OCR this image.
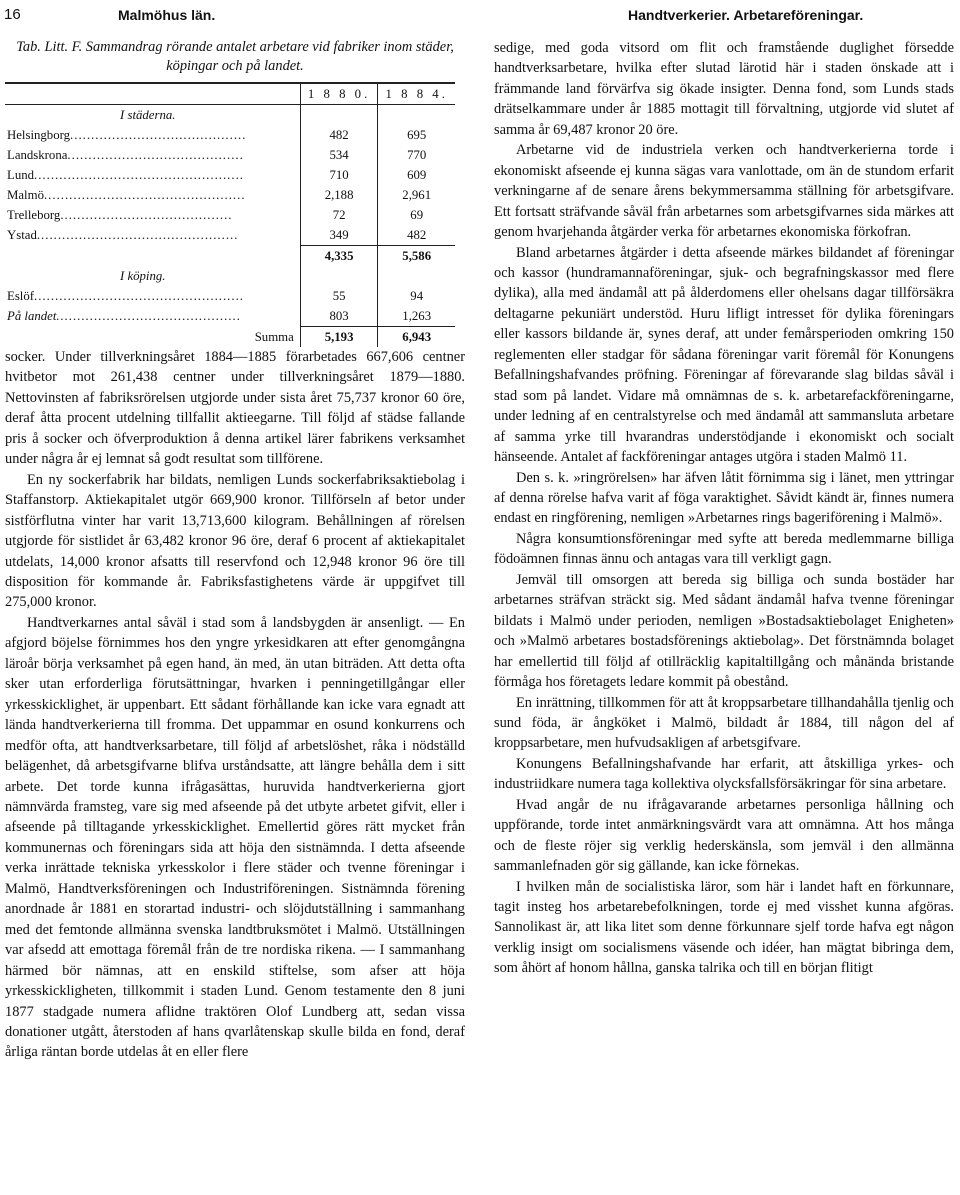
16	Malmöhus län.	Handtverkerier. Arbetareföreningar.
Tab. Litt. F. Sammandrag rörande antalet arbetare vid fabriker inom städer, köpingar och på landet.
	1 8 8 0.	1 8 8 4.
I städerna.		
Helsingborg..........................................	482	695
Landskrona..........................................	534	770
Lund..................................................	710	609
Malmö................................................	2,188	2,961
Trelleborg.........................................	72	69
Ystad................................................	349	482
	4,335	5,586
I köping.		
Eslöf..................................................	55	94
På landet............................................	803	1,263
Summa	5,193	6,943

socker. Under tillverkningsåret 1884—1885 förarbetades 667,606 centner hvitbetor mot 261,438 centner under tillverkningsåret 1879—1880. Nettovinsten af fabriksrörelsen utgjorde under sista året 75,737 kronor 60 öre, deraf åtta procent utdelning tillfallit aktieegarne. Till följd af städse fallande pris å socker och öfverproduktion å denna artikel lärer fabrikens verksamhet under några år ej lemnat så godt resultat som tillförene.

En ny sockerfabrik har bildats, nemligen Lunds sockerfabriksaktiebolag i Staffanstorp. Aktiekapitalet utgör 669,900 kronor. Tillförseln af betor under sistförflutna vinter har varit 13,713,600 kilogram. Behållningen af rörelsen utgjorde för sistlidet år 63,482 kronor 96 öre, deraf 6 procent af aktiekapitalet utdelats, 14,000 kronor afsatts till reservfond och 12,948 kronor 96 öre till disposition för kommande år. Fabriksfastighetens värde är uppgifvet till 275,000 kronor.

Handtverkarnes antal såväl i stad som å landsbygden är ansenligt. — En afgjord böjelse förnimmes hos den yngre yrkesidkaren att efter genomgångna läroår börja verksamhet på egen hand, än med, än utan biträden. Att detta ofta sker utan erforderliga förutsättningar, hvarken i penningetillgångar eller yrkesskicklighet, är uppenbart. Ett sådant förhållande kan icke vara egnadt att lända handtverkerierna till fromma. Det uppammar en osund konkurrens och medför ofta, att handtverksarbetare, till följd af arbetslöshet, råka i nödställd belägenhet, då arbetsgifvarne blifva urståndsatte, att längre behålla dem i sitt arbete. Det torde kunna ifrågasättas, huruvida handtverkerierna gjort nämnvärda framsteg, vare sig med afseende på det utbyte arbetet gifvit, eller i afseende på tilltagande yrkesskicklighet. Emellertid göres rätt mycket från kommunernas och föreningars sida att höja den sistnämnda. I detta afseende verka inrättade tekniska yrkesskolor i flere städer och tvenne föreningar i Malmö, Handtverksföreningen och Industriföreningen. Sistnämnda förening anordnade år 1881 en storartad industri- och slöjdutställning i sammanhang med det femtonde allmänna svenska landtbruksmötet i Malmö. Utställningen var afsedd att emottaga föremål från de tre nordiska rikena. — I sammanhang härmed bör nämnas, att en enskild stiftelse, som afser att höja yrkesskickligheten, tillkommit i staden Lund. Genom testamente den 8 juni 1877 stadgade numera aflidne traktören Olof Lundberg att, sedan vissa donationer utgått, återstoden af hans qvarlåtenskap skulle bilda en fond, deraf årliga räntan borde utdelas åt en eller flere

sedige, med goda vitsord om flit och framstående duglighet försedde handtverksarbetare, hvilka efter slutad lärotid här i staden önskade att i främmande land förvärfva sig ökade insigter. Denna fond, som Lunds stads drätselkammare under år 1885 mottagit till förvaltning, utgjorde vid slutet af samma år 69,487 kronor 20 öre.

Arbetarne vid de industriela verken och handtverkerierna torde i ekonomiskt afseende ej kunna sägas vara vanlottade, om än de stundom erfarit verkningarne af de senare årens bekymmersamma ställning för arbetsgifvare. Ett fortsatt sträfvande såväl från arbetarnes som arbetsgifvarnes sida märkes att genom hvarjehanda åtgärder verka för arbetarnes ekonomiska förkofran.

Bland arbetarnes åtgärder i detta afseende märkes bildandet af föreningar och kassor (hundramannaföreningar, sjuk- och begrafningskassor med flere dylika), alla med ändamål att på ålderdomens eller ohelsans dagar tillförsäkra deltagarne pekuniärt understöd. Huru lifligt intresset för dylika föreningars eller kassors bildande är, synes deraf, att under femårsperioden omkring 150 reglementen eller stadgar för sådana föreningar varit föremål för Konungens Befallningshafvandes pröfning. Föreningar af förevarande slag bildas såväl i stad som på landet. Vidare må omnämnas de s. k. arbetarefackföreningarne, under ledning af en centralstyrelse och med ändamål att sammansluta arbetare af samma yrke till hvarandras understödjande i ekonomiskt och socialt hänseende. Antalet af fackföreningar antages utgöra i staden Malmö 11.

Den s. k. »ringrörelsen» har äfven låtit förnimma sig i länet, men yttringar af denna rörelse hafva varit af föga varaktighet. Såvidt kändt är, finnes numera endast en ringförening, nemligen »Arbetarnes rings bageriförening i Malmö».

Några konsumtionsföreningar med syfte att bereda medlemmarne billiga födoämnen finnas ännu och antagas vara till verkligt gagn.

Jemväl till omsorgen att bereda sig billiga och sunda bostäder har arbetarnes sträfvan sträckt sig. Med sådant ändamål hafva tvenne föreningar bildats i Malmö under perioden, nemligen »Bostadsaktiebolaget Enigheten» och »Malmö arbetares bostadsförenings aktiebolag». Det förstnämnda bolaget har emellertid till följd af otillräcklig kapitaltillgång och månända bristande förmåga hos företagets ledare kommit på obestånd.

En inrättning, tillkommen för att åt kroppsarbetare tillhandahålla tjenlig och sund föda, är ångköket i Malmö, bildadt år 1884, till någon del af kroppsarbetare, men hufvudsakligen af arbetsgifvare.

Konungens Befallningshafvande har erfarit, att åtskilliga yrkes- och industriidkare numera taga kollektiva olycksfallsförsäkringar för sina arbetare.

Hvad angår de nu ifrågavarande arbetarnes personliga hållning och uppförande, torde intet anmärkningsvärdt vara att omnämna. Att hos många och de fleste röjer sig verklig hederskänsla, som jemväl i den allmänna sammanlefnaden gör sig gällande, kan icke förnekas.

I hvilken mån de socialistiska läror, som här i landet haft en förkunnare, tagit insteg hos arbetarebefolkningen, torde ej med visshet kunna afgöras. Sannolikast är, att lika litet som denne förkunnare sjelf torde hafva egt någon verklig insigt om socialismens väsende och idéer, han mägtat bibringa dem, som åhört af honom hållna, ganska talrika och till en början flitigt
